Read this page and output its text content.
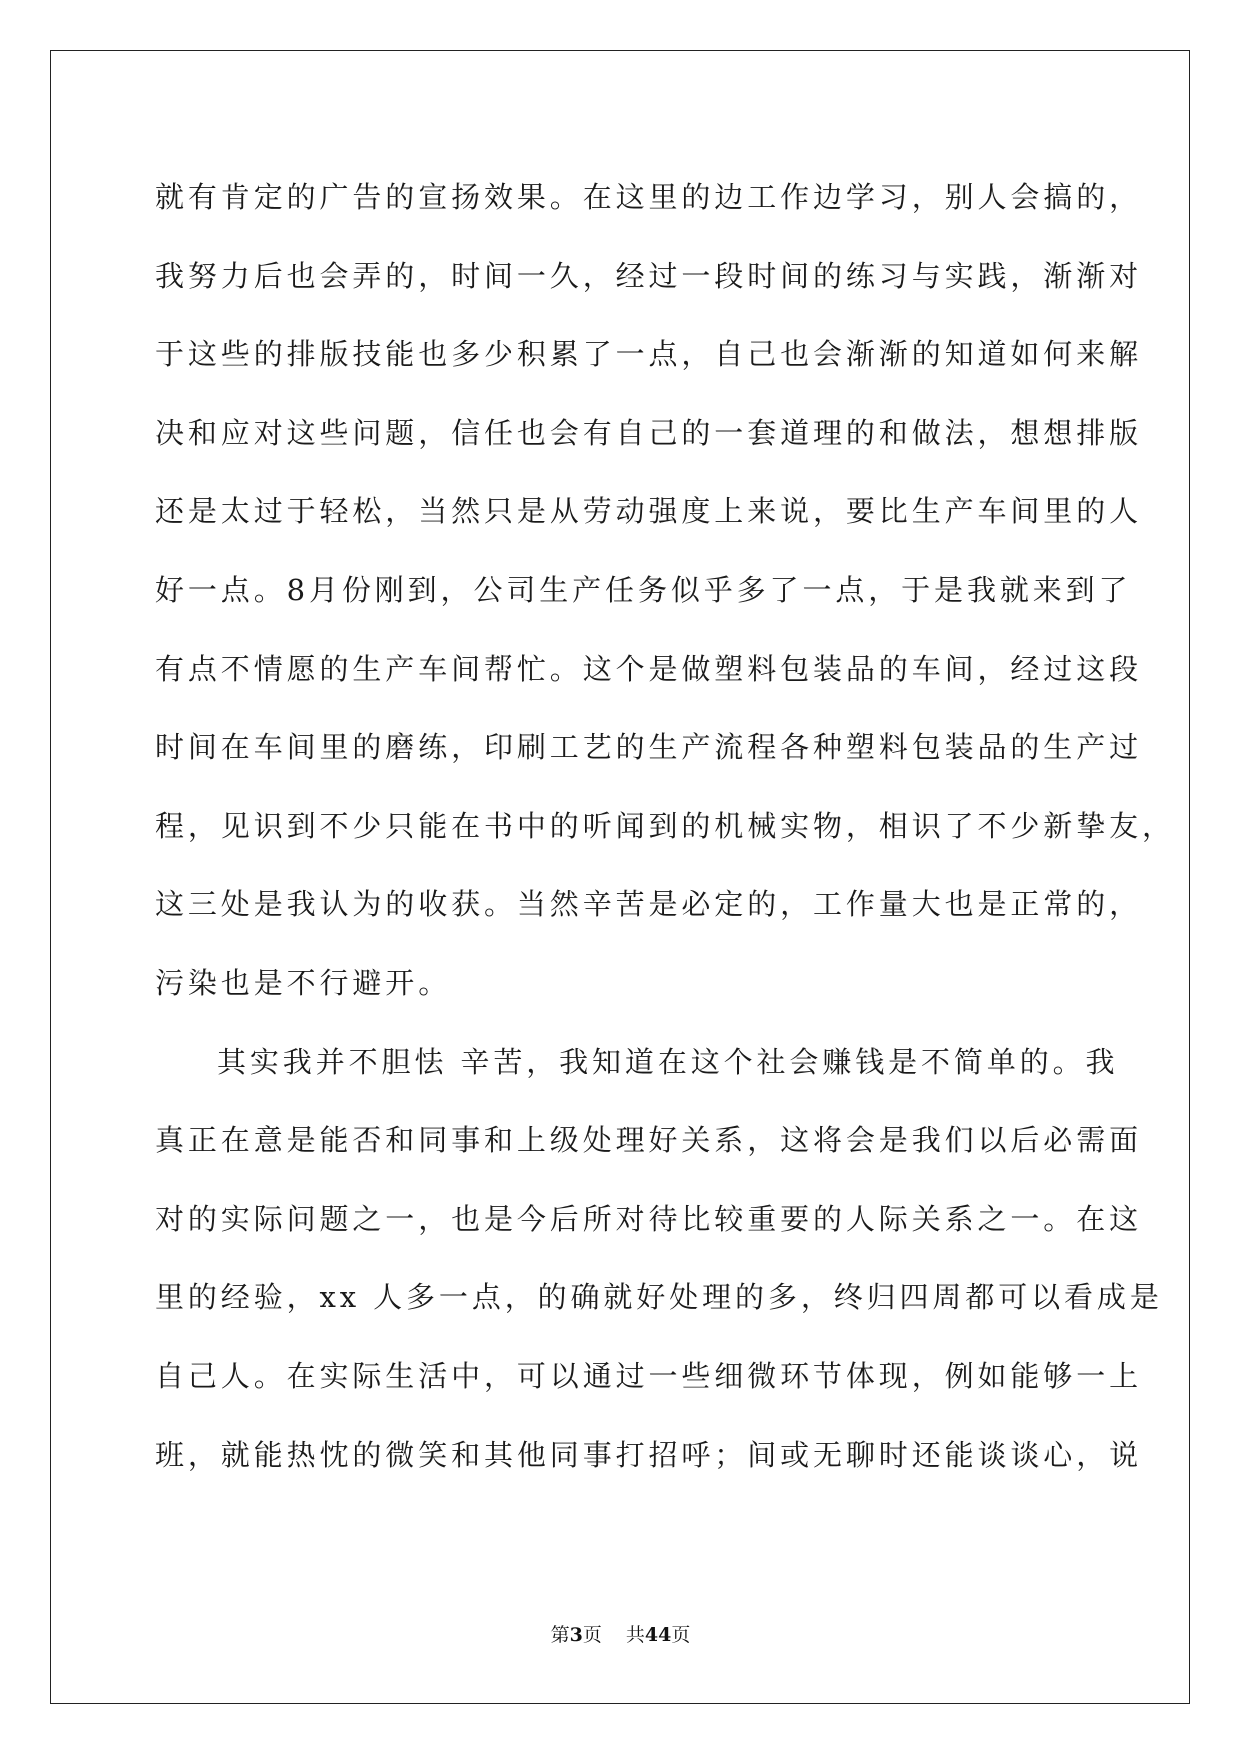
就有肯定的广告的宣扬效果。在这里的边工作边学习，别人会搞的，
我努力后也会弄的，时间一久，经过一段时间的练习与实践，渐渐对
于这些的排版技能也多少积累了一点，自己也会渐渐的知道如何来解
决和应对这些问题，信任也会有自己的一套道理的和做法，想想排版
还是太过于轻松，当然只是从劳动强度上来说，要比生产车间里的人
好一点。8月份刚到，公司生产任务似乎多了一点，于是我就来到了
有点不情愿的生产车间帮忙。这个是做塑料包装品的车间，经过这段
时间在车间里的磨练，印刷工艺的生产流程各种塑料包装品的生产过
程，见识到不少只能在书中的听闻到的机械实物，相识了不少新挚友，
这三处是我认为的收获。当然辛苦是必定的，工作量大也是正常的，
污染也是不行避开。
其实我并不胆怯 辛苦，我知道在这个社会赚钱是不简单的。我
真正在意是能否和同事和上级处理好关系，这将会是我们以后必需面
对的实际问题之一，也是今后所对待比较重要的人际关系之一。在这
里的经验，xx 人多一点，的确就好处理的多，终归四周都可以看成是
自己人。在实际生活中，可以通过一些细微环节体现，例如能够一上
班，就能热忱的微笑和其他同事打招呼；间或无聊时还能谈谈心，说
第3页 共44页
